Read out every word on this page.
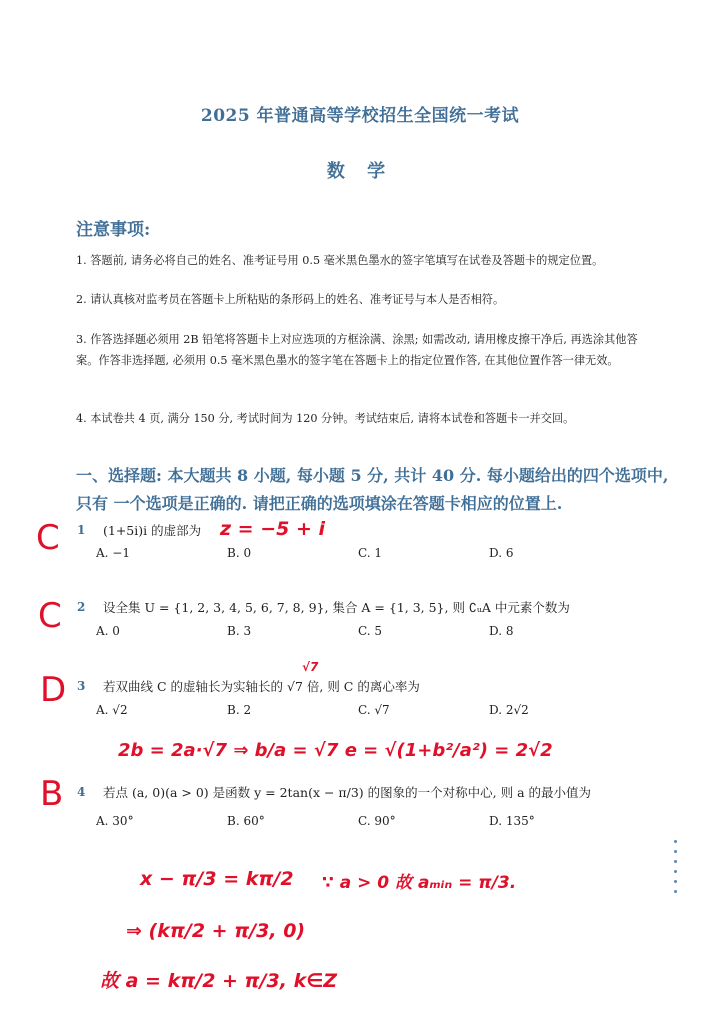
2025 年普通高等学校招生全国统一考试
数 学
注意事项:
1. 答题前, 请务必将自己的姓名、准考证号用 0.5 毫米黑色墨水的签字笔填写在试卷及答题卡的规定位置。
2. 请认真核对监考员在答题卡上所粘贴的条形码上的姓名、准考证号与本人是否相符。
3. 作答选择题必须用 2B 铅笔将答题卡上对应选项的方框涂满、涂黑; 如需改动, 请用橡皮擦干净后, 再选涂其他答案。作答非选择题, 必须用 0.5 毫米黑色墨水的签字笔在答题卡上的指定位置作答, 在其他位置作答一律无效。
4. 本试卷共 4 页, 满分 150 分, 考试时间为 120 分钟。考试结束后, 请将本试卷和答题卡一并交回。
一、选择题: 本大题共 8 小题, 每小题 5 分, 共计 40 分. 每小题给出的四个选项中,
只有 一个选项是正确的. 请把正确的选项填涂在答题卡相应的位置上.
C 1 (1+5i)i 的虚部为 z = −5 + i
A. −1	B. 0	C. 1	D. 6
C 2 设全集 U = {1, 2, 3, 4, 5, 6, 7, 8, 9}, 集合 A = {1, 3, 5}, 则 ∁ᵤA 中元素个数为
A. 0	B. 3	C. 5	D. 8
D
√7
3 若双曲线 C 的虚轴长为实轴长的 √7 倍, 则 C 的离心率为
A. √2	B. 2	C. √7	D. 2√2
2b = 2a·√7 ⇒ b/a = √7 e = √(1+b²/a²) = 2√2
B 4 若点 (a, 0)(a > 0) 是函数 y = 2tan(x − π/3) 的图象的一个对称中心, 则 a 的最小值为
A. 30°	B. 60°	C. 90°	D. 135°
x − π/3 = kπ/2 ∵ a > 0 故 aₘᵢₙ = π/3.
⇒ (kπ/2 + π/3, 0)
故 a = kπ/2 + π/3, k∈Z
